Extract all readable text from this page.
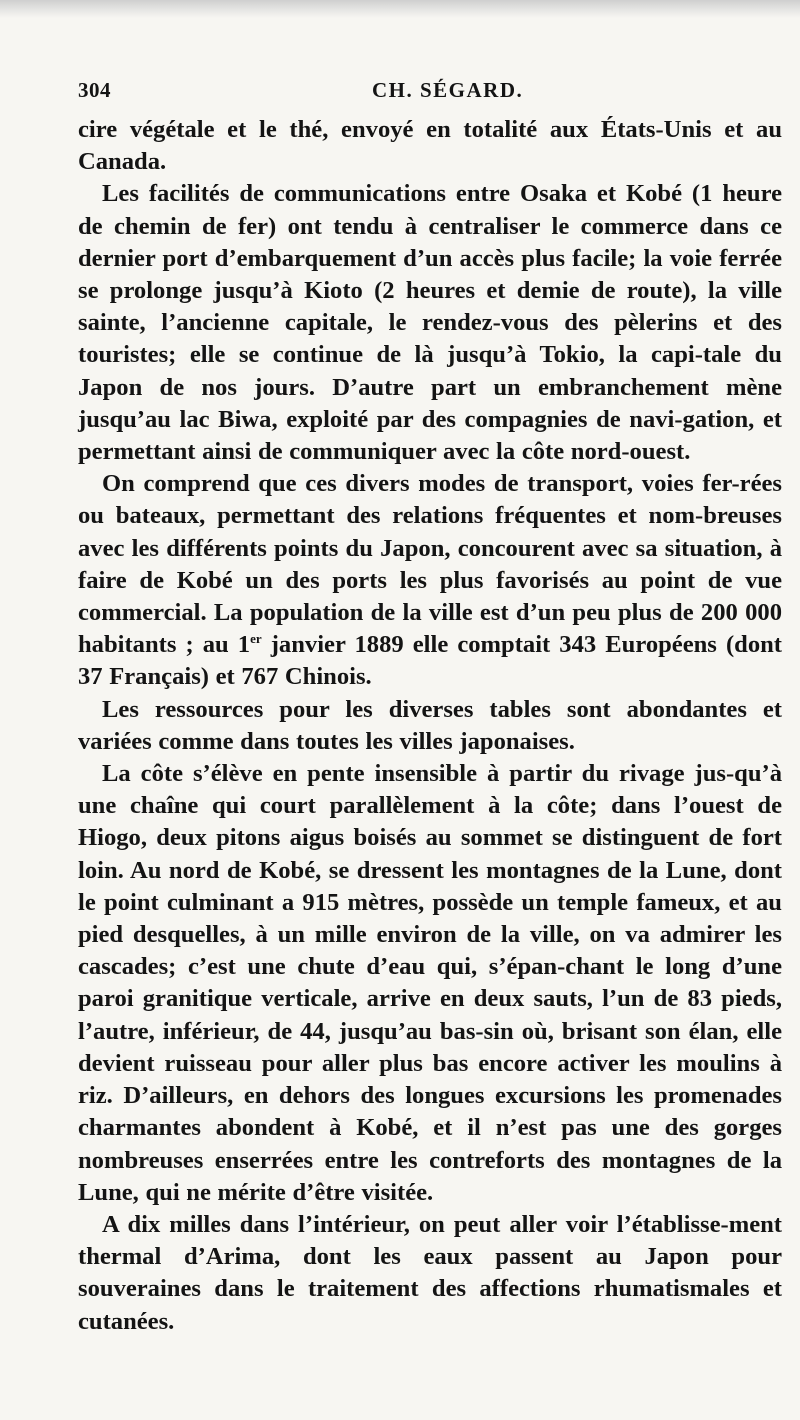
304	CH. SÉGARD.

cire végétale et le thé, envoyé en totalité aux États-Unis et au Canada.

Les facilités de communications entre Osaka et Kobé (1 heure de chemin de fer) ont tendu à centraliser le commerce dans ce dernier port d’embarquement d’un accès plus facile; la voie ferrée se prolonge jusqu’à Kioto (2 heures et demie de route), la ville sainte, l’ancienne capitale, le rendez-vous des pèlerins et des touristes; elle se continue de là jusqu’à Tokio, la capi-tale du Japon de nos jours. D’autre part un embranchement mène jusqu’au lac Biwa, exploité par des compagnies de navi-gation, et permettant ainsi de communiquer avec la côte nord-ouest.

On comprend que ces divers modes de transport, voies fer-rées ou bateaux, permettant des relations fréquentes et nom-breuses avec les différents points du Japon, concourent avec sa situation, à faire de Kobé un des ports les plus favorisés au point de vue commercial. La population de la ville est d’un peu plus de 200 000 habitants ; au 1er janvier 1889 elle comptait 343 Européens (dont 37 Français) et 767 Chinois.

Les ressources pour les diverses tables sont abondantes et variées comme dans toutes les villes japonaises.

La côte s’élève en pente insensible à partir du rivage jus-qu’à une chaîne qui court parallèlement à la côte; dans l’ouest de Hiogo, deux pitons aigus boisés au sommet se distinguent de fort loin. Au nord de Kobé, se dressent les montagnes de la Lune, dont le point culminant a 915 mètres, possède un temple fameux, et au pied desquelles, à un mille environ de la ville, on va admirer les cascades; c’est une chute d’eau qui, s’épan-chant le long d’une paroi granitique verticale, arrive en deux sauts, l’un de 83 pieds, l’autre, inférieur, de 44, jusqu’au bas-sin où, brisant son élan, elle devient ruisseau pour aller plus bas encore activer les moulins à riz. D’ailleurs, en dehors des longues excursions les promenades charmantes abondent à Kobé, et il n’est pas une des gorges nombreuses enserrées entre les contreforts des montagnes de la Lune, qui ne mérite d’être visitée.

A dix milles dans l’intérieur, on peut aller voir l’établisse-ment thermal d’Arima, dont les eaux passent au Japon pour souveraines dans le traitement des affections rhumatismales et cutanées.
